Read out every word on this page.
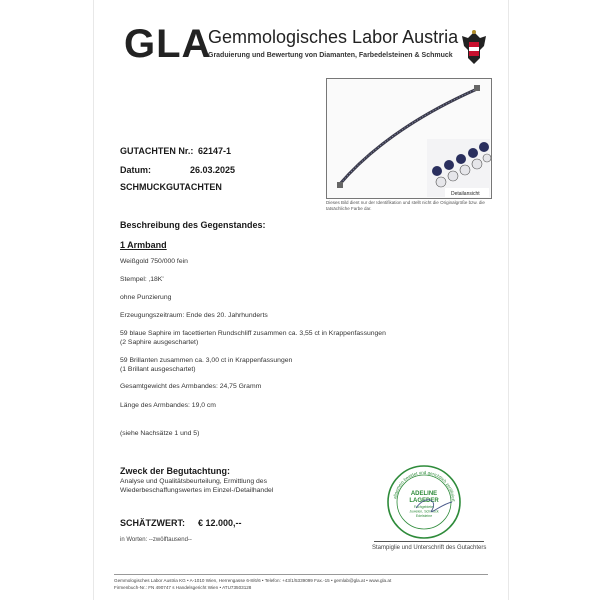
GLA
Gemmologisches Labor Austria
Graduierung und Bewertung von Diamanten, Farbedelsteinen & Schmuck
Detailansicht
Dieses Bild dient nur der Identifikation und stellt nicht die Originalgröße bzw. die tatsächliche Farbe dar.
GUTACHTEN Nr.: 62147-1
Datum:	26.03.2025
SCHMUCKGUTACHTEN
Beschreibung des Gegenstandes:
1 Armband
Weißgold 750/000 fein
Stempel: ‚18K'
ohne Punzierung
Erzeugungszeitraum: Ende des 20. Jahrhunderts
59 blaue Saphire im facettierten Rundschliff zusammen ca. 3,55 ct in Krappenfassungen
(2 Saphire ausgeschartet)
59 Brillanten zusammen ca. 3,00 ct in Krappenfassungen
(1 Brillant ausgeschartet)
Gesamtgewicht des Armbandes: 24,75 Gramm
Länge des Armbandes: 19,0 cm
(siehe Nachsätze 1 und 5)
Zweck der Begutachtung:
Analyse und Qualitätsbeurteilung, Ermittlung des
Wiederbeschaffungswertes im Einzel-/Detailhandel
SCHÄTZWERT: € 12.000,--
in Worten: --zwölftausend--
allgemein beeidet und gerichtlich zertifiziert
ADELINE
LAGEDER
Fachgebiete:
Juwelen, Schmuck
Edelsteine
Stampiglie und Unterschrift des Gutachters
Gemmologisches Labor Austria KG • A-1010 Wien, Herrengasse 6-8/6/6 • Telefon: +43/1/5339099 Fax.-15 • gemlab@gla.at • www.gla.at
Firmenbuch-Nr.: FN 490747 s Handelsgericht Wien • ATU73503128
